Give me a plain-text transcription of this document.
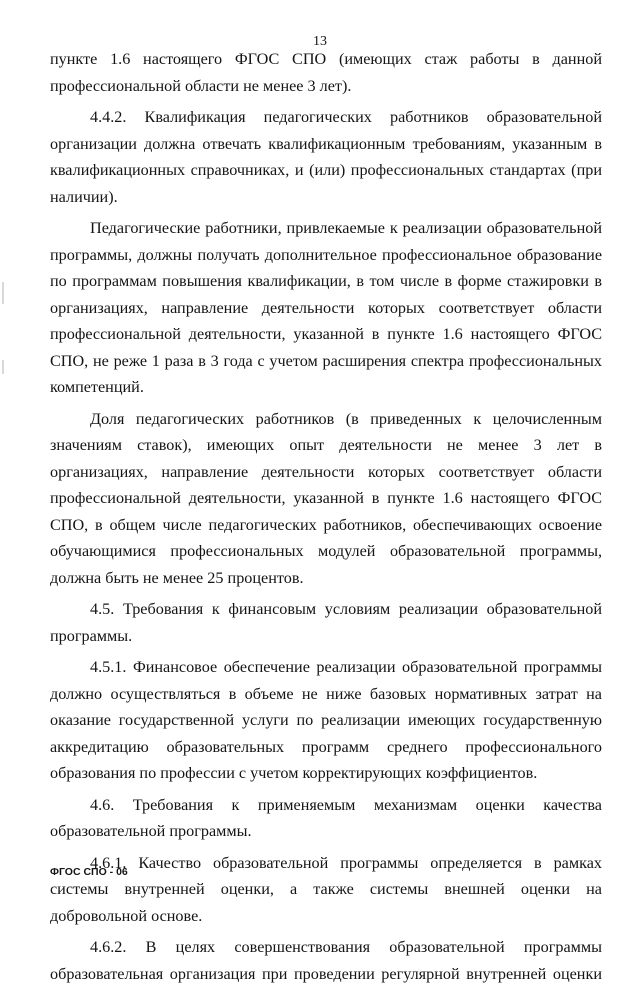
13

пункте 1.6 настоящего ФГОС СПО (имеющих стаж работы в данной профессиональной области не менее 3 лет).

4.4.2. Квалификация педагогических работников образовательной организации должна отвечать квалификационным требованиям, указанным в квалификационных справочниках, и (или) профессиональных стандартах (при наличии).

Педагогические работники, привлекаемые к реализации образовательной программы, должны получать дополнительное профессиональное образование по программам повышения квалификации, в том числе в форме стажировки в организациях, направление деятельности которых соответствует области профессиональной деятельности, указанной в пункте 1.6 настоящего ФГОС СПО, не реже 1 раза в 3 года с учетом расширения спектра профессиональных компетенций.

Доля педагогических работников (в приведенных к целочисленным значениям ставок), имеющих опыт деятельности не менее 3 лет в организациях, направление деятельности которых соответствует области профессиональной деятельности, указанной в пункте 1.6 настоящего ФГОС СПО, в общем числе педагогических работников, обеспечивающих освоение обучающимися профессиональных модулей образовательной программы, должна быть не менее 25 процентов.

4.5. Требования к финансовым условиям реализации образовательной программы.

4.5.1. Финансовое обеспечение реализации образовательной программы должно осуществляться в объеме не ниже базовых нормативных затрат на оказание государственной услуги по реализации имеющих государственную аккредитацию образовательных программ среднего профессионального образования по профессии с учетом корректирующих коэффициентов.

4.6. Требования к применяемым механизмам оценки качества образовательной программы.

4.6.1. Качество образовательной программы определяется в рамках системы внутренней оценки, а также системы внешней оценки на добровольной основе.

4.6.2. В целях совершенствования образовательной программы образовательная организация при проведении регулярной внутренней оценки

ФГОС СПО - 06
